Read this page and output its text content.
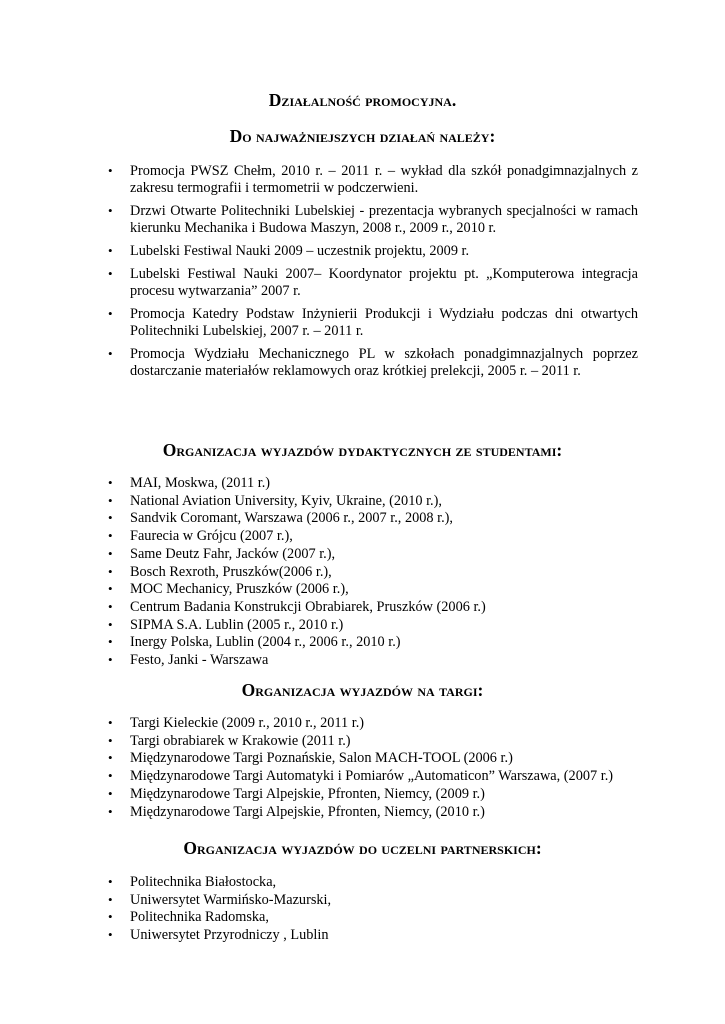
Działalność promocyjna.
Do najważniejszych działań należy:
• Promocja PWSZ Chełm, 2010 r. – 2011 r. – wykład dla szkół ponadgimnazjalnych z zakresu termografii i termometrii w podczerwieni.
• Drzwi Otwarte Politechniki Lubelskiej - prezentacja wybranych specjalności w ramach kierunku Mechanika i Budowa Maszyn, 2008 r., 2009 r., 2010 r.
• Lubelski Festiwal Nauki 2009 – uczestnik projektu, 2009 r.
• Lubelski Festiwal Nauki 2007– Koordynator projektu pt. „Komputerowa integracja procesu wytwarzania” 2007 r.
• Promocja Katedry Podstaw Inżynierii Produkcji i Wydziału podczas dni otwartych Politechniki Lubelskiej, 2007 r. – 2011 r.
• Promocja Wydziału Mechanicznego PL w szkołach ponadgimnazjalnych poprzez dostarczanie materiałów reklamowych oraz krótkiej prelekcji, 2005 r. – 2011 r.
Organizacja wyjazdów dydaktycznych ze studentami:
• MAI, Moskwa, (2011 r.)
• National Aviation University, Kyiv, Ukraine, (2010 r.),
• Sandvik Coromant, Warszawa (2006 r., 2007 r., 2008 r.),
• Faurecia w Grójcu (2007 r.),
• Same Deutz Fahr, Jacków (2007 r.),
• Bosch Rexroth, Pruszków(2006 r.),
• MOC Mechanicy, Pruszków (2006 r.),
• Centrum Badania Konstrukcji Obrabiarek, Pruszków (2006 r.)
• SIPMA S.A. Lublin (2005 r., 2010 r.)
• Inergy Polska, Lublin (2004 r., 2006 r., 2010 r.)
• Festo, Janki - Warszawa
Organizacja wyjazdów na targi:
• Targi Kieleckie (2009 r., 2010 r., 2011 r.)
• Targi obrabiarek w Krakowie (2011 r.)
• Międzynarodowe Targi Poznańskie, Salon MACH-TOOL (2006 r.)
• Międzynarodowe Targi Automatyki i Pomiarów „Automaticon” Warszawa, (2007 r.)
• Międzynarodowe Targi Alpejskie, Pfronten, Niemcy, (2009 r.)
• Międzynarodowe Targi Alpejskie, Pfronten, Niemcy, (2010 r.)
Organizacja wyjazdów do uczelni partnerskich:
• Politechnika Białostocka,
• Uniwersytet Warmińsko-Mazurski,
• Politechnika Radomska,
• Uniwersytet Przyrodniczy , Lublin
